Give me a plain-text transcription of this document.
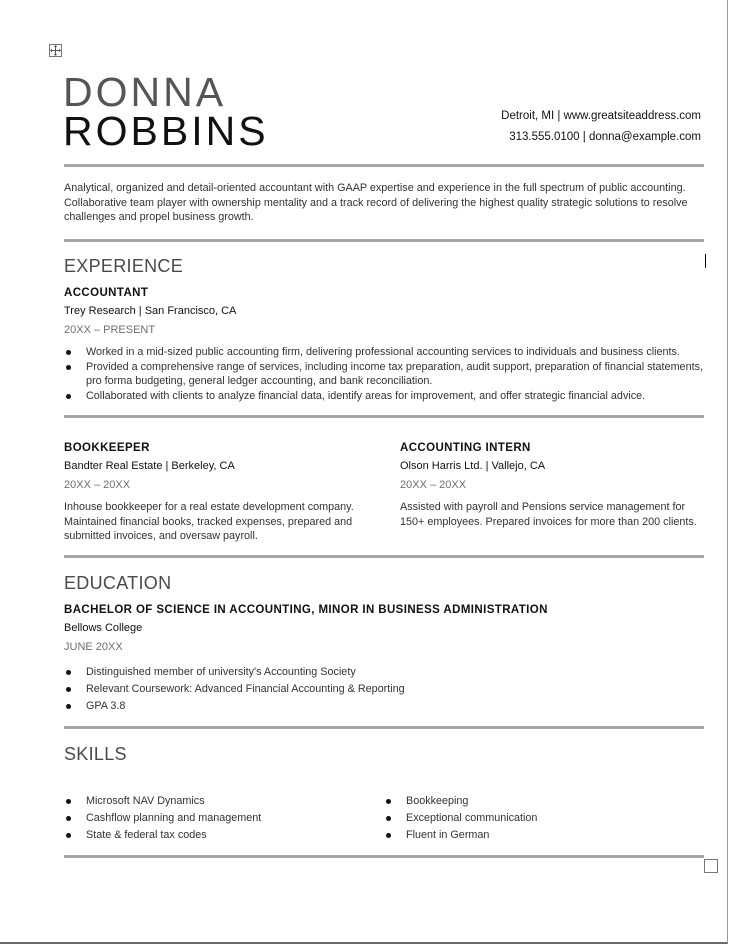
DONNA
ROBBINS	Detroit, MI | www.greatsiteaddress.com
313.555.0100 | donna@example.com

Analytical, organized and detail-oriented accountant with GAAP expertise and experience in the full spectrum of public accounting. Collaborative team player with ownership mentality and a track record of delivering the highest quality strategic solutions to resolve challenges and propel business growth.

EXPERIENCE
ACCOUNTANT
Trey Research | San Francisco, CA
20XX – PRESENT
Worked in a mid-sized public accounting firm, delivering professional accounting services to individuals and business clients.
Provided a comprehensive range of services, including income tax preparation, audit support, preparation of financial statements, pro forma budgeting, general ledger accounting, and bank reconciliation.
Collaborated with clients to analyze financial data, identify areas for improvement, and offer strategic financial advice.
BOOKKEEPER
Bandter Real Estate | Berkeley, CA
20XX – 20XX

Inhouse bookkeeper for a real estate development company. Maintained financial books, tracked expenses, prepared and submitted invoices, and oversaw payroll.

ACCOUNTING INTERN
Olson Harris Ltd. | Vallejo, CA
20XX – 20XX

Assisted with payroll and Pensions service management for 150+ employees. Prepared invoices for more than 200 clients.

EDUCATION
BACHELOR OF SCIENCE IN ACCOUNTING, MINOR IN BUSINESS ADMINISTRATION
Bellows College
JUNE 20XX
Distinguished member of university's Accounting Society
Relevant Coursework: Advanced Financial Accounting & Reporting
GPA 3.8
SKILLS
Microsoft NAV Dynamics
Cashflow planning and management
State & federal tax codes
Bookkeeping
Exceptional communication
Fluent in German
